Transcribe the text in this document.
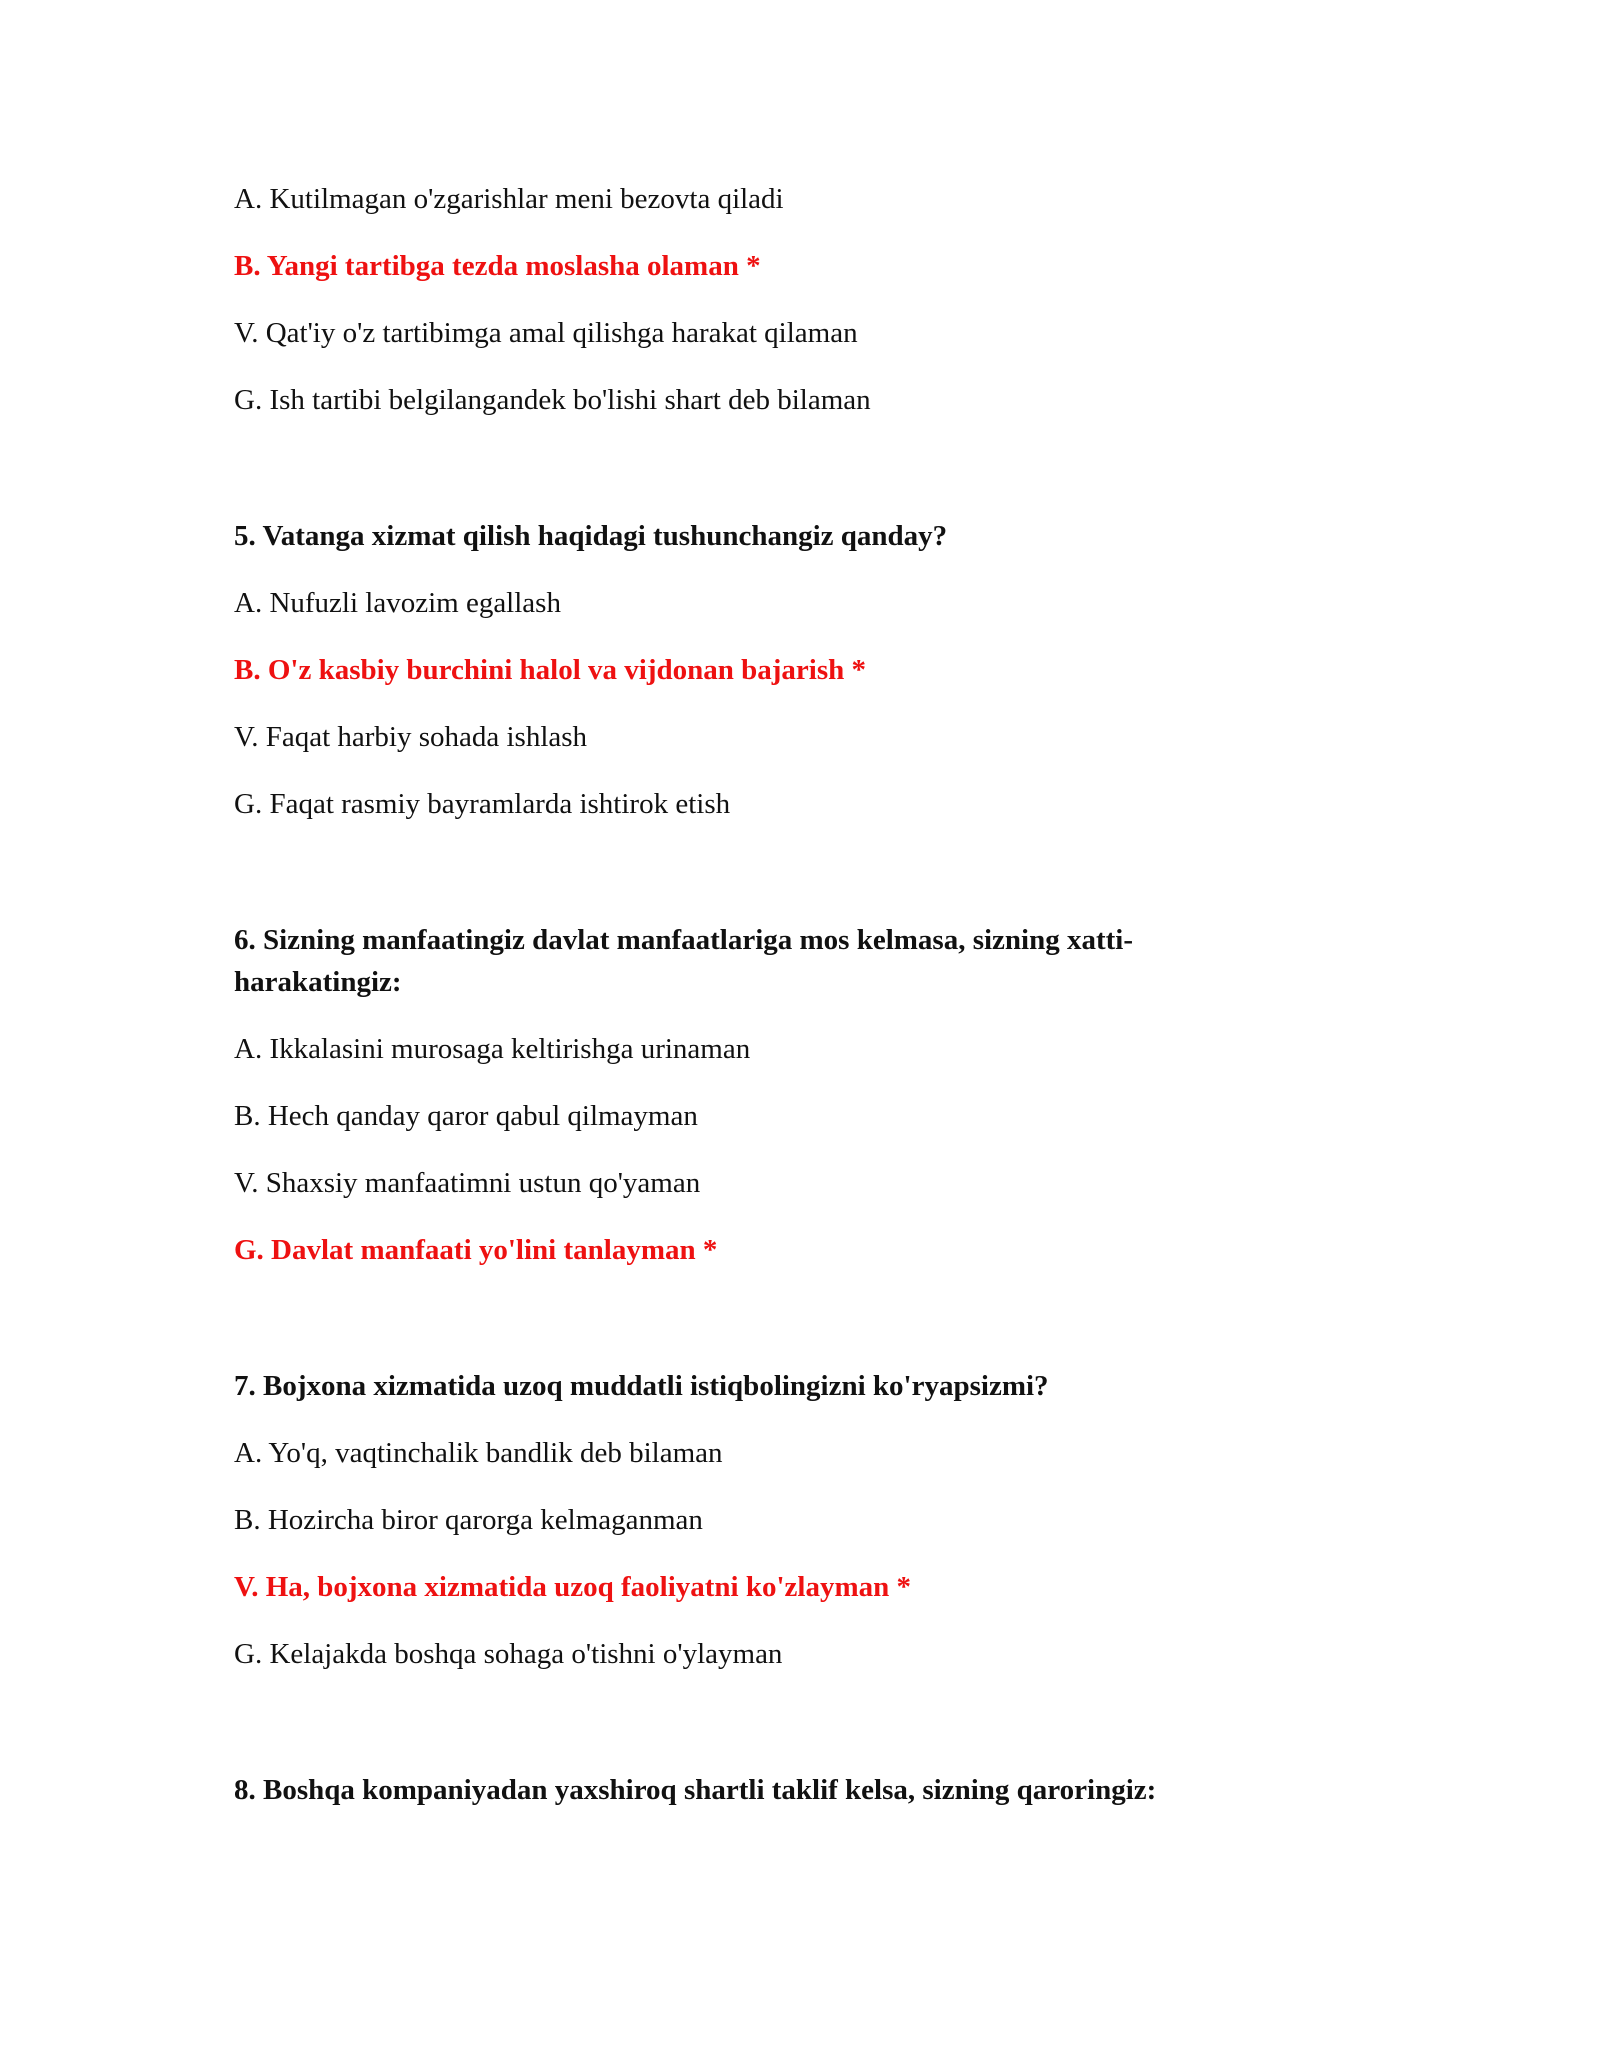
A. Kutilmagan o'zgarishlar meni bezovta qiladi

B. Yangi tartibga tezda moslasha olaman *

V. Qat'iy o'z tartibimga amal qilishga harakat qilaman

G. Ish tartibi belgilangandek bo'lishi shart deb bilaman

5. Vatanga xizmat qilish haqidagi tushunchangiz qanday?

A. Nufuzli lavozim egallash

B. O'z kasbiy burchini halol va vijdonan bajarish *

V. Faqat harbiy sohada ishlash

G. Faqat rasmiy bayramlarda ishtirok etish

6. Sizning manfaatingiz davlat manfaatlariga mos kelmasa, sizning xatti-harakatingiz:

A. Ikkalasini murosaga keltirishga urinaman

B. Hech qanday qaror qabul qilmayman

V. Shaxsiy manfaatimni ustun qo'yaman

G. Davlat manfaati yo'lini tanlayman *

7. Bojxona xizmatida uzoq muddatli istiqbolingizni ko'ryapsizmi?

A. Yo'q, vaqtinchalik bandlik deb bilaman

B. Hozircha biror qarorga kelmaganman

V. Ha, bojxona xizmatida uzoq faoliyatni ko'zlayman *

G. Kelajakda boshqa sohaga o'tishni o'ylayman

8. Boshqa kompaniyadan yaxshiroq shartli taklif kelsa, sizning qaroringiz:
